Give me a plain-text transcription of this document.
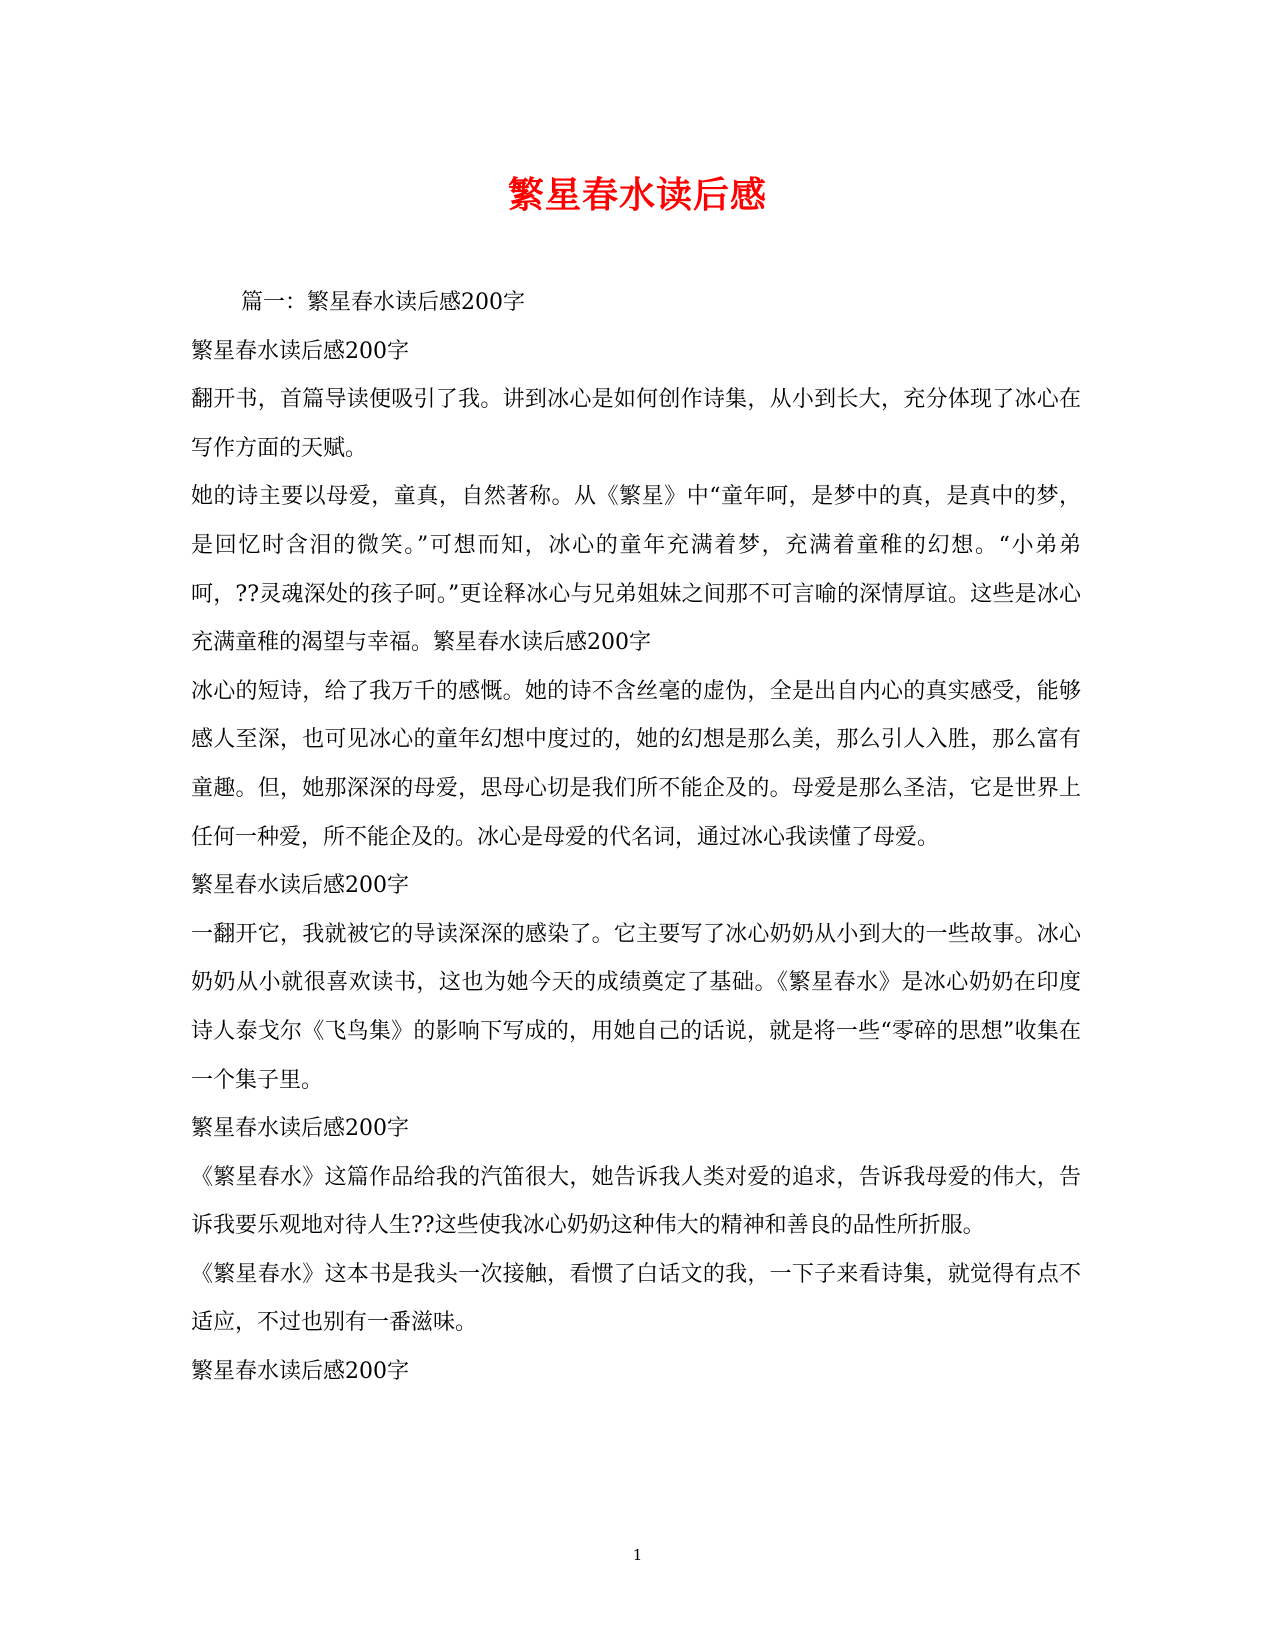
繁星春水读后感

篇一：繁星春水读后感200字

繁星春水读后感200字

翻开书，首篇导读便吸引了我。讲到冰心是如何创作诗集，从小到长大，充分体现了冰心在写作方面的天赋。

她的诗主要以母爱，童真，自然著称。从《繁星》中“童年呵，是梦中的真，是真中的梦，是回忆时含泪的微笑。”可想而知，冰心的童年充满着梦，充满着童稚的幻想。“小弟弟呵，??灵魂深处的孩子呵。”更诠释冰心与兄弟姐妹之间那不可言喻的深情厚谊。这些是冰心充满童稚的渴望与幸福。繁星春水读后感200字

冰心的短诗，给了我万千的感慨。她的诗不含丝毫的虚伪，全是出自内心的真实感受，能够感人至深，也可见冰心的童年幻想中度过的，她的幻想是那么美，那么引人入胜，那么富有童趣。但，她那深深的母爱，思母心切是我们所不能企及的。母爱是那么圣洁，它是世界上任何一种爱，所不能企及的。冰心是母爱的代名词，通过冰心我读懂了母爱。

繁星春水读后感200字

一翻开它，我就被它的导读深深的感染了。它主要写了冰心奶奶从小到大的一些故事。冰心奶奶从小就很喜欢读书，这也为她今天的成绩奠定了基础。《繁星春水》是冰心奶奶在印度诗人泰戈尔《飞鸟集》的影响下写成的，用她自己的话说，就是将一些“零碎的思想”收集在一个集子里。

繁星春水读后感200字

《繁星春水》这篇作品给我的汽笛很大，她告诉我人类对爱的追求，告诉我母爱的伟大，告诉我要乐观地对待人生??这些使我冰心奶奶这种伟大的精神和善良的品性所折服。

《繁星春水》这本书是我头一次接触，看惯了白话文的我，一下子来看诗集，就觉得有点不适应，不过也别有一番滋味。

繁星春水读后感200字

1
